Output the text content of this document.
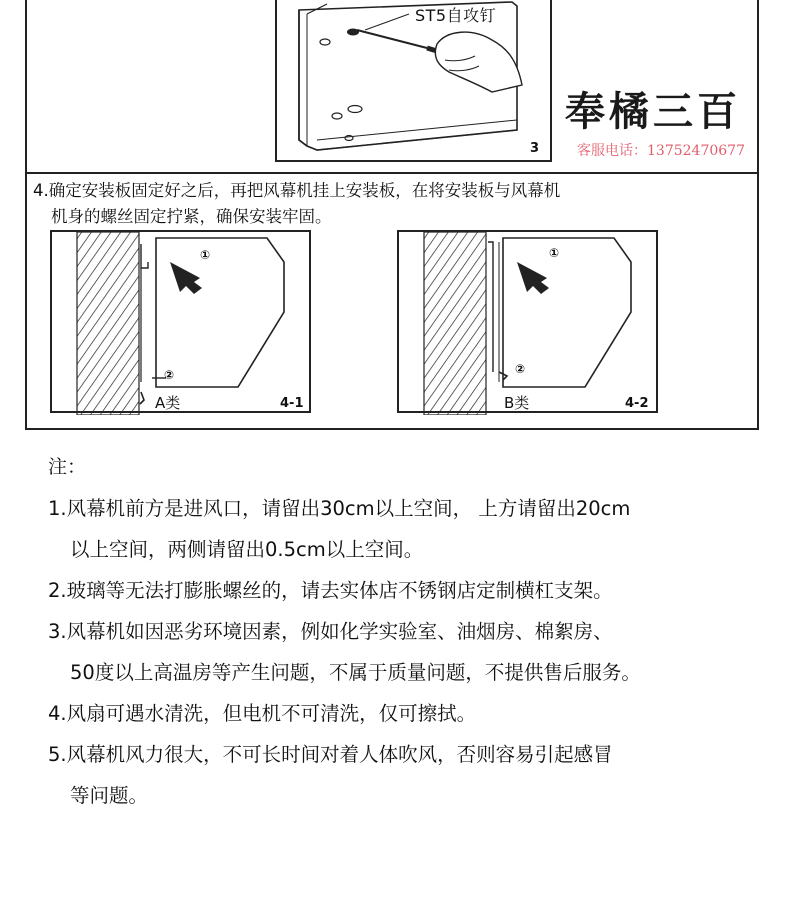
3
ST5自攻钉
奉橘三百
客服电话：13752470677
4.确定安装板固定好之后，再把风幕机挂上安装板，在将安装板与风幕机
机身的螺丝固定拧紧，确保安装牢固。
①
②
A类	4-1
①
②
B类	4-2
注：
1.风幕机前方是进风口，请留出30cm以上空间， 上方请留出20cm
以上空间，两侧请留出0.5cm以上空间。
2.玻璃等无法打膨胀螺丝的，请去实体店不锈钢店定制横杠支架。
3.风幕机如因恶劣环境因素，例如化学实验室、油烟房、棉絮房、
50度以上高温房等产生问题，不属于质量问题，不提供售后服务。
4.风扇可遇水清洗，但电机不可清洗，仅可擦拭。
5.风幕机风力很大，不可长时间对着人体吹风，否则容易引起感冒
等问题。
